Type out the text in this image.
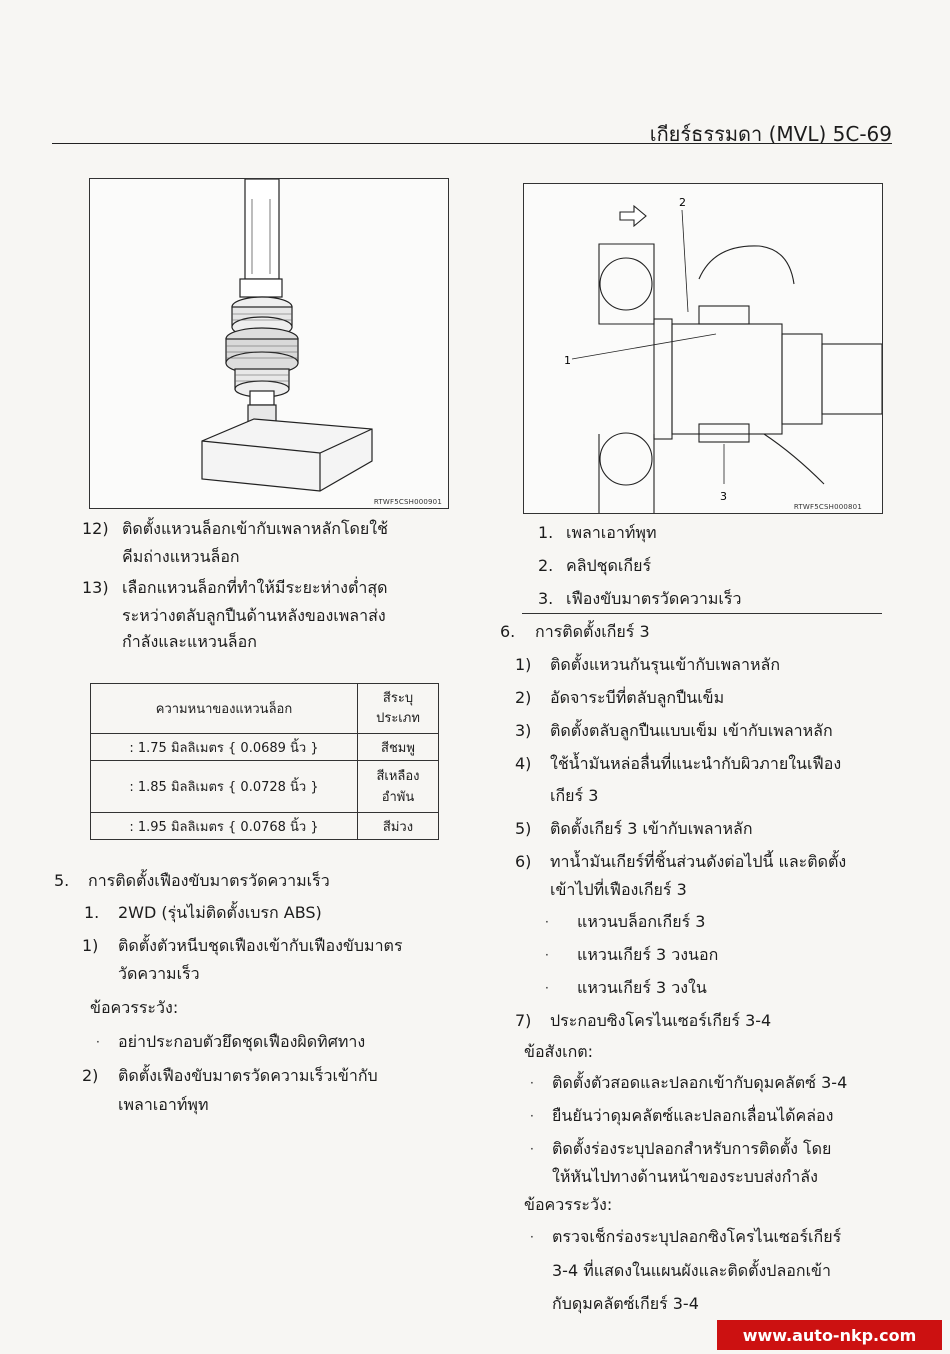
เกียร์ธรรมดา (MVL) 5C-69
RTWF5CSH000901
2
1
3
RTWF5CSH000801
12) ติดตั้งแหวนล็อกเข้ากับเพลาหลักโดยใช้
คีมถ่างแหวนล็อก
13) เลือกแหวนล็อกที่ทำให้มีระยะห่างต่ำสุด
ระหว่างตลับลูกปืนด้านหลังของเพลาส่ง
กำลังและแหวนล็อก
ความหนาของแหวนล็อก	สีระบุ
ประเภท

: 1.75 มิลลิเมตร { 0.0689 นิ้ว }	สีชมพู
: 1.85 มิลลิเมตร { 0.0728 นิ้ว }	สีเหลือง
อำพัน

: 1.95 มิลลิเมตร { 0.0768 นิ้ว }	สีม่วง
5. การติดตั้งเฟืองขับมาตรวัดความเร็ว
1. 2WD (รุ่นไม่ติดตั้งเบรก ABS)
1) ติดตั้งตัวหนีบชุดเฟืองเข้ากับเฟืองขับมาตร
วัดความเร็ว
ข้อควรระวัง:
· อย่าประกอบตัวยึดชุดเฟืองผิดทิศทาง
2) ติดตั้งเฟืองขับมาตรวัดความเร็วเข้ากับ
เพลาเอาท์พุท
1. เพลาเอาท์พุท
2. คลิปชุดเกียร์
3. เฟืองขับมาตรวัดความเร็ว
6. การติดตั้งเกียร์ 3
1) ติดตั้งแหวนกันรุนเข้ากับเพลาหลัก
2) อัดจาระบีที่ตลับลูกปืนเข็ม
3) ติดตั้งตลับลูกปืนแบบเข็ม เข้ากับเพลาหลัก
4) ใช้น้ำมันหล่อลื่นที่แนะนำกับผิวภายในเฟือง
เกียร์ 3
5) ติดตั้งเกียร์ 3 เข้ากับเพลาหลัก
6) ทาน้ำมันเกียร์ที่ชิ้นส่วนดังต่อไปนี้ และติดตั้ง
เข้าไปที่เฟืองเกียร์ 3
· แหวนบล็อกเกียร์ 3
· แหวนเกียร์ 3 วงนอก
· แหวนเกียร์ 3 วงใน
7) ประกอบซิงโครไนเซอร์เกียร์ 3-4
ข้อสังเกต:
· ติดตั้งตัวสอดและปลอกเข้ากับดุมคลัตซ์ 3-4
· ยืนยันว่าดุมคลัตซ์และปลอกเลื่อนได้คล่อง
· ติดตั้งร่องระบุปลอกสำหรับการติดตั้ง โดย
ให้หันไปทางด้านหน้าของระบบส่งกำลัง
ข้อควรระวัง:
· ตรวจเช็กร่องระบุปลอกซิงโครไนเซอร์เกียร์
3-4 ที่แสดงในแผนผังและติดตั้งปลอกเข้า
กับดุมคลัตซ์เกียร์ 3-4
www.auto-nkp.com
